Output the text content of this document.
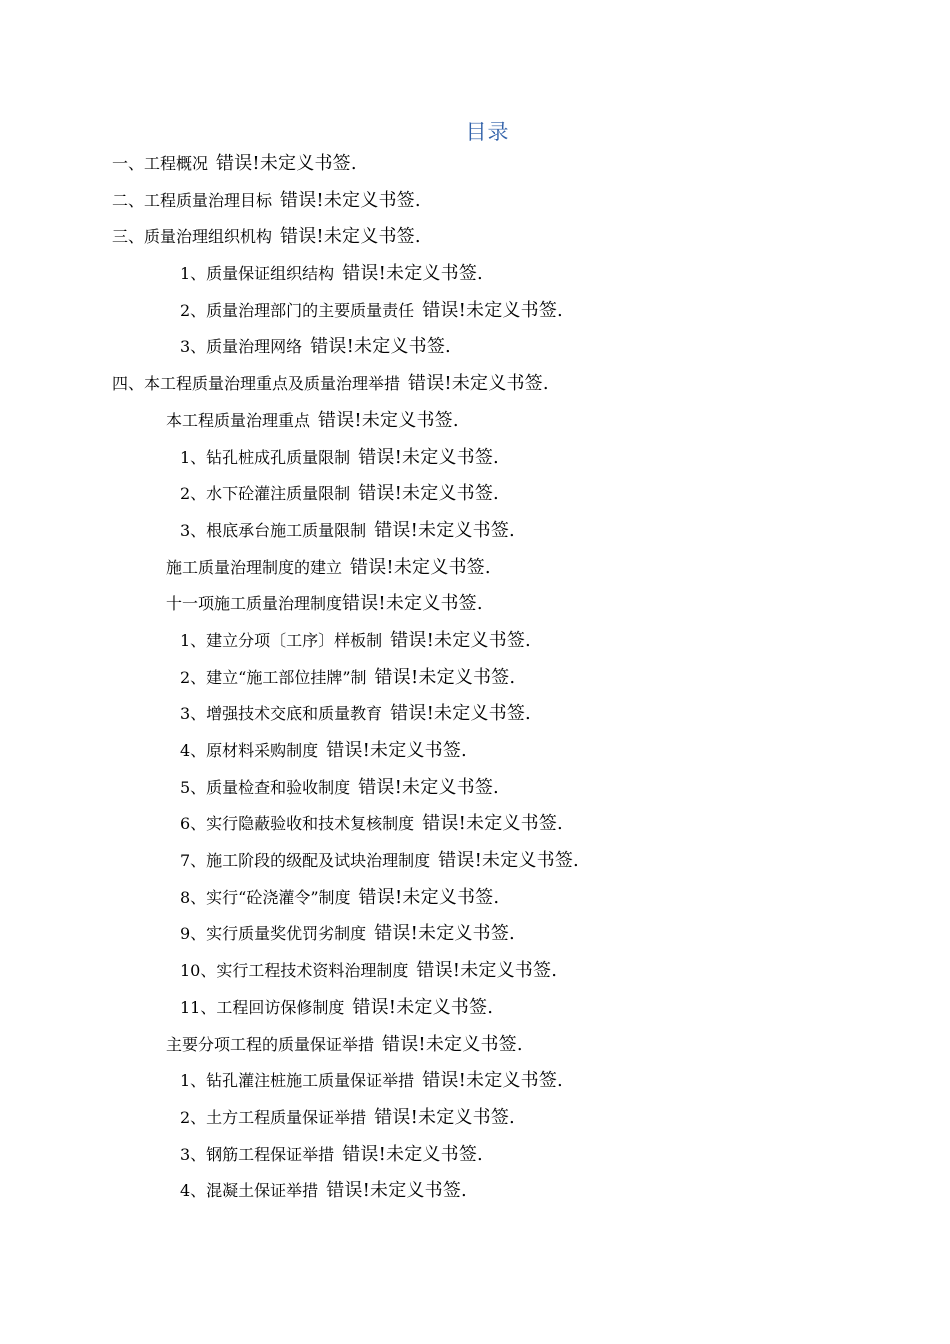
目录
一、工程概况 错误!未定义书签.
二、工程质量治理目标 错误!未定义书签.
三、质量治理组织机构 错误!未定义书签.
1、质量保证组织结构 错误!未定义书签.
2、质量治理部门的主要质量责任 错误!未定义书签.
3、质量治理网络 错误!未定义书签.
四、本工程质量治理重点及质量治理举措 错误!未定义书签.
本工程质量治理重点 错误!未定义书签.
1、钻孔桩成孔质量限制 错误!未定义书签.
2、水下砼灌注质量限制 错误!未定义书签.
3、根底承台施工质量限制 错误!未定义书签.
施工质量治理制度的建立 错误!未定义书签.
十一项施工质量治理制度错误!未定义书签.
1、建立分项〔工序〕样板制 错误!未定义书签.
2、建立“施工部位挂牌”制 错误!未定义书签.
3、增强技术交底和质量教育 错误!未定义书签.
4、原材料采购制度 错误!未定义书签.
5、质量检查和验收制度 错误!未定义书签.
6、实行隐蔽验收和技术复核制度 错误!未定义书签.
7、施工阶段的级配及试块治理制度 错误!未定义书签.
8、实行“砼浇灌令”制度 错误!未定义书签.
9、实行质量奖优罚劣制度 错误!未定义书签.
10、实行工程技术资料治理制度 错误!未定义书签.
11、工程回访保修制度 错误!未定义书签.
主要分项工程的质量保证举措 错误!未定义书签.
1、钻孔灌注桩施工质量保证举措 错误!未定义书签.
2、土方工程质量保证举措 错误!未定义书签.
3、钢筋工程保证举措 错误!未定义书签.
4、混凝土保证举措 错误!未定义书签.
